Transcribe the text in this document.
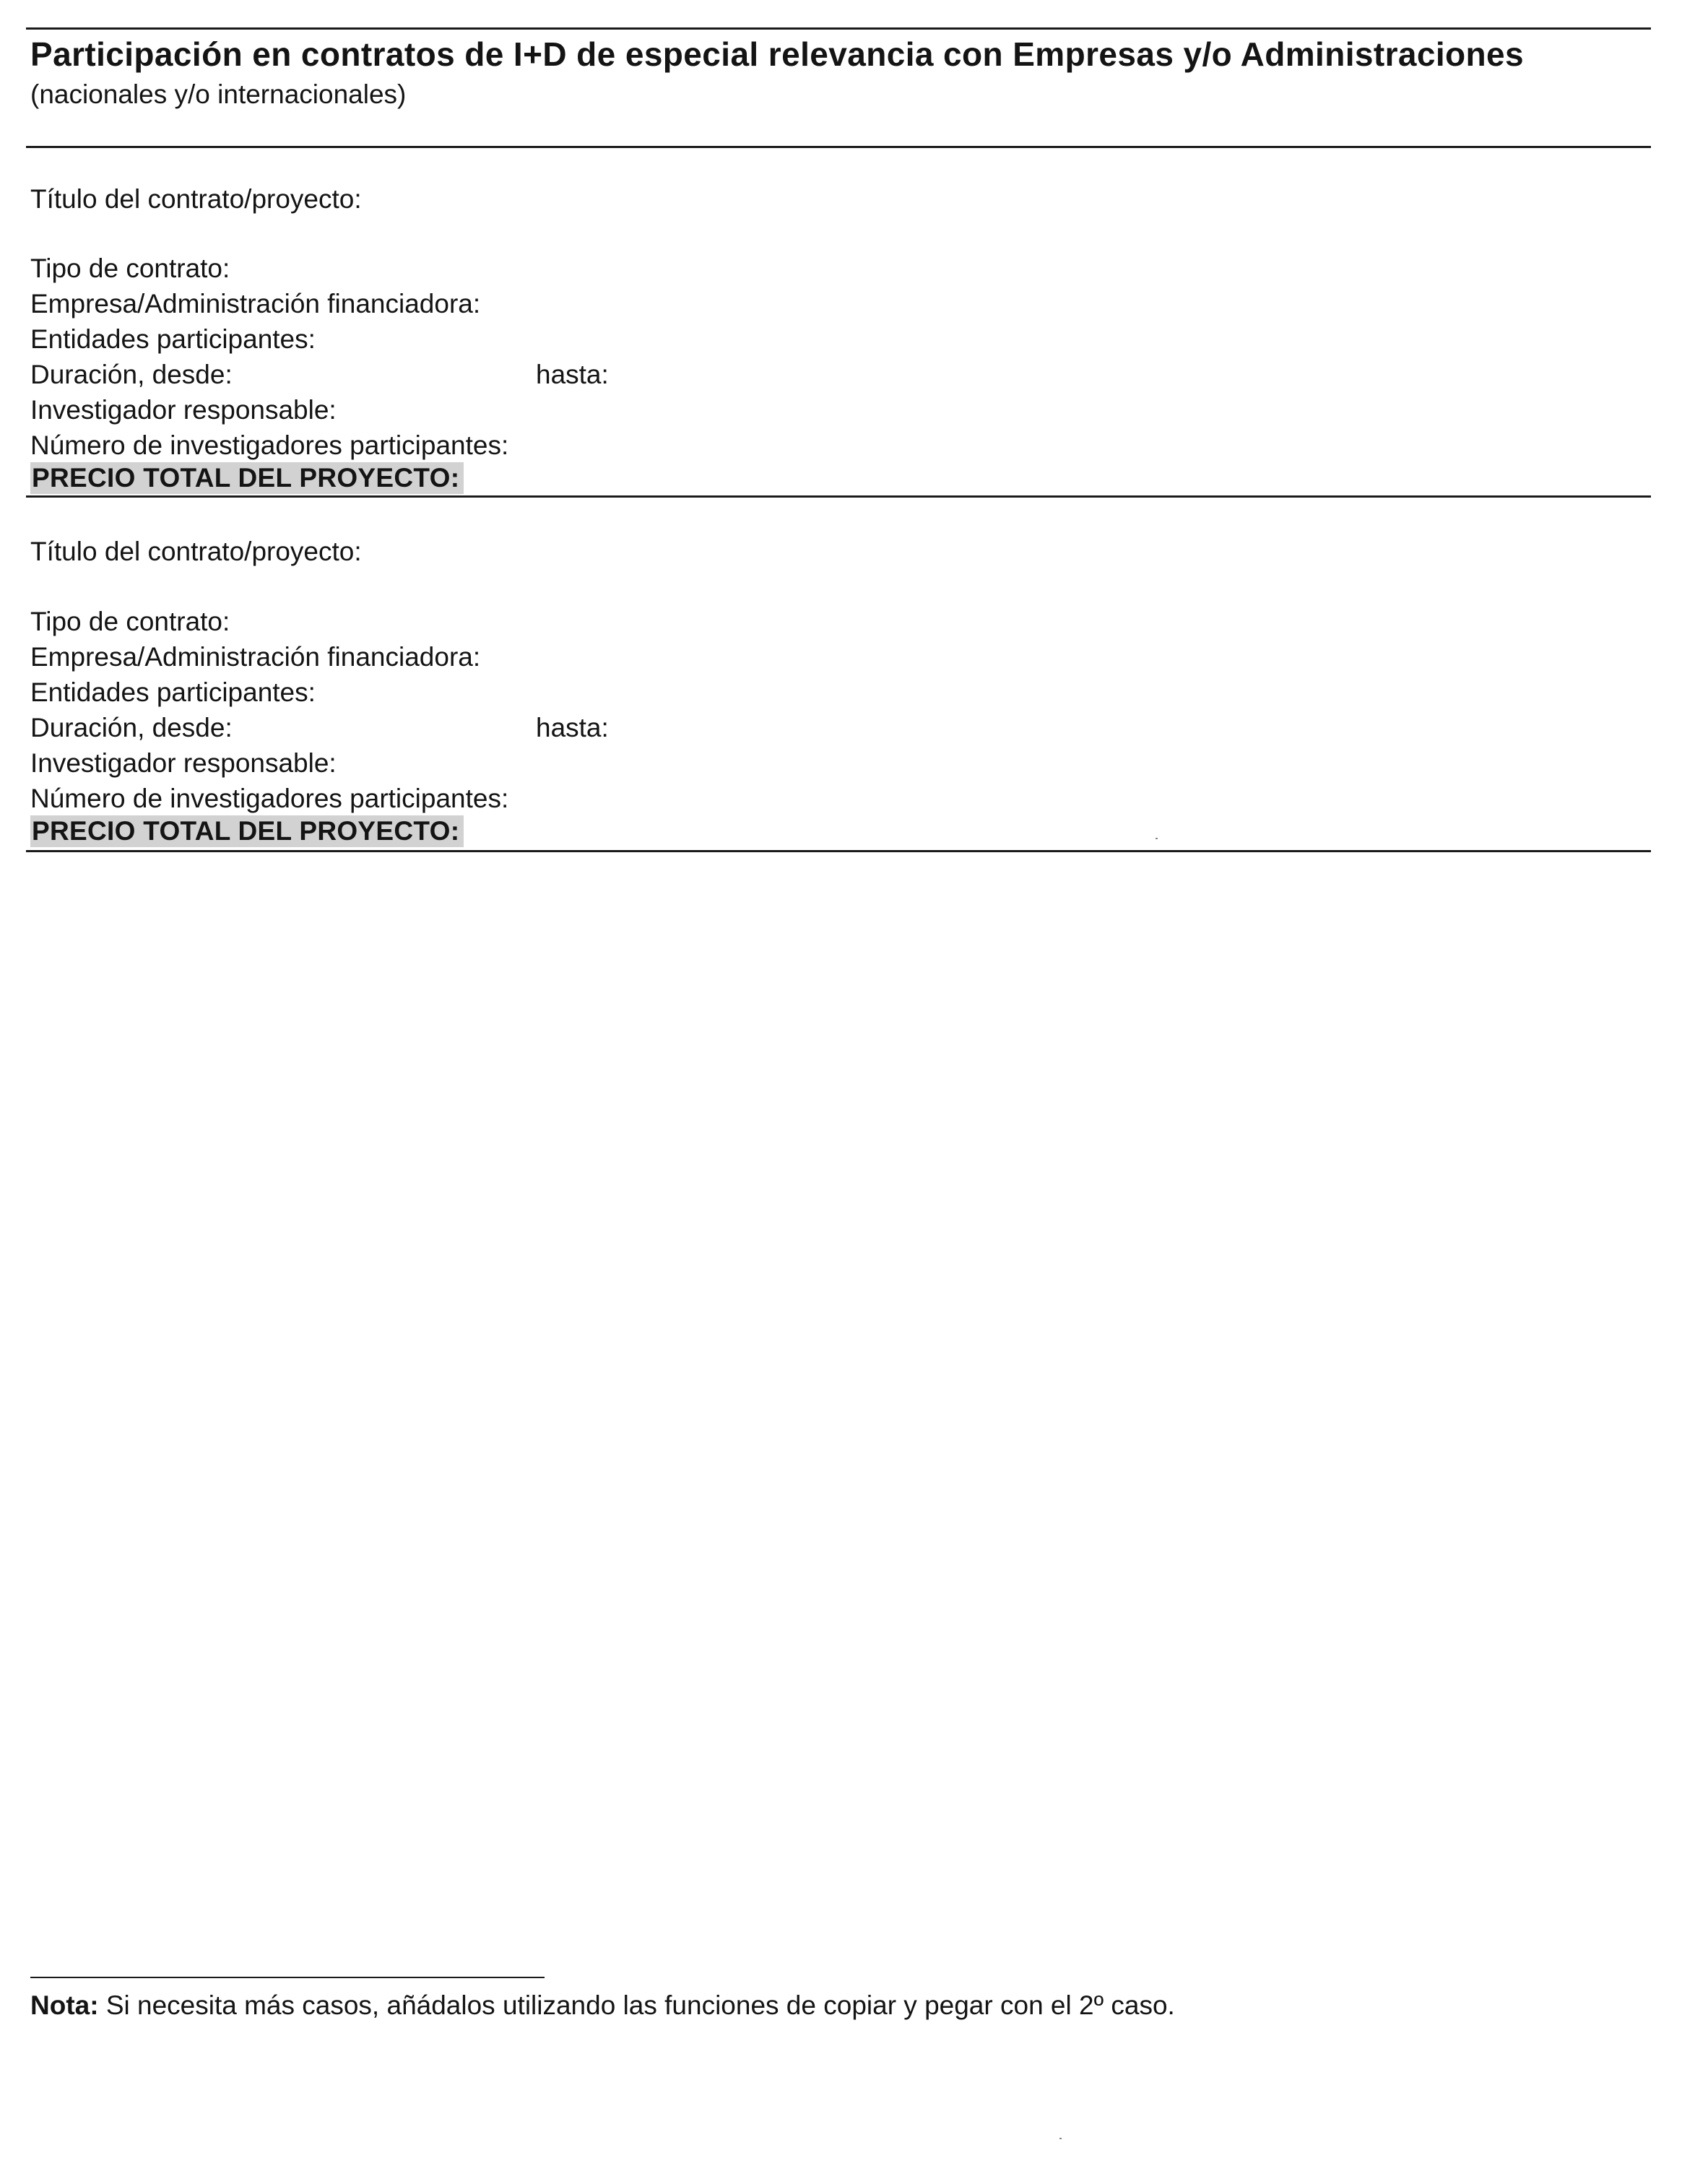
Participación en contratos de I+D de especial relevancia con Empresas y/o Administraciones
(nacionales y/o internacionales)
Título del contrato/proyecto:
Tipo de contrato:
Empresa/Administración financiadora:
Entidades participantes:
Duración, desde:	hasta:
Investigador responsable:
Número de investigadores participantes:
PRECIO TOTAL DEL PROYECTO:
Título del contrato/proyecto:
Tipo de contrato:
Empresa/Administración financiadora:
Entidades participantes:
Duración, desde:	hasta:
Investigador responsable:
Número de investigadores participantes:
PRECIO TOTAL DEL PROYECTO:
Nota: Si necesita más casos, añádalos utilizando las funciones de copiar y pegar con el 2º caso.
